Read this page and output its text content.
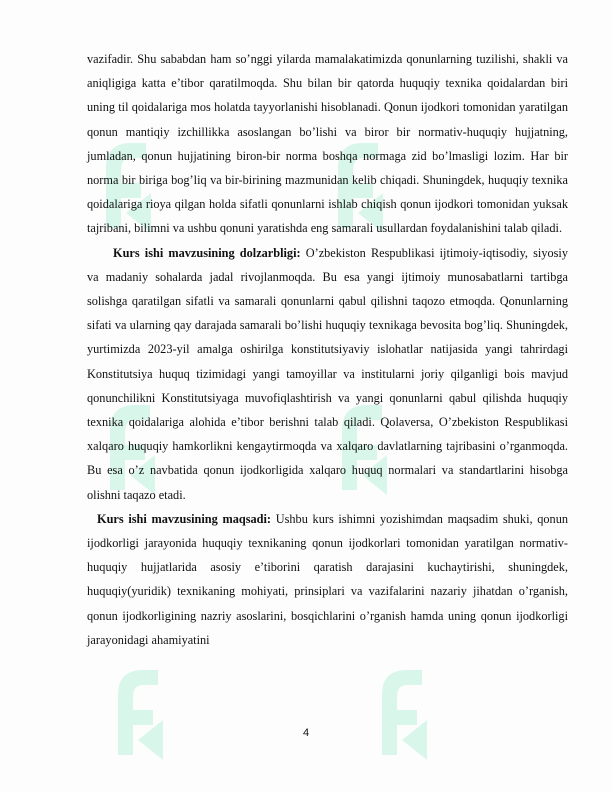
vazifadir. Shu sababdan ham so’nggi yilarda mamalakatimizda qonunlarning tuzilishi, shakli va aniqligiga katta e’tibor qaratilmoqda. Shu bilan bir qatorda huquqiy texnika qoidalardan biri uning til qoidalariga mos holatda tayyorlanishi hisoblanadi. Qonun ijodkori tomonidan yaratilgan qonun mantiqiy izchillikka asoslangan bo’lishi va biror bir normativ-huquqiy hujjatning, jumladan, qonun hujjatining biron-bir norma boshqa normaga zid bo’lmasligi lozim. Har bir norma bir biriga bog’liq va bir-birining mazmunidan kelib chiqadi. Shuningdek, huquqiy texnika qoidalariga rioya qilgan holda sifatli qonunlarni ishlab chiqish qonun ijodkori tomonidan yuksak tajribani, bilimni va ushbu qonuni yaratishda eng samarali usullardan foydalanishini talab qiladi.

Kurs ishi mavzusining dolzarbligi: O’zbekiston Respublikasi ijtimoiy-iqtisodiy, siyosiy va madaniy sohalarda jadal rivojlanmoqda. Bu esa yangi ijtimoiy munosabatlarni tartibga solishga qaratilgan sifatli va samarali qonunlarni qabul qilishni taqozo etmoqda. Qonunlarning sifati va ularning qay darajada samarali bo’lishi huquqiy texnikaga bevosita bog’liq. Shuningdek, yurtimizda 2023-yil amalga oshirilga konstitutsiyaviy islohatlar natijasida yangi tahrirdagi Konstitutsiya huquq tizimidagi yangi tamoyillar va institularni joriy qilganligi bois mavjud qonunchilikni Konstitutsiyaga muvofiqlashtirish va yangi qonunlarni qabul qilishda huquqiy texnika qoidalariga alohida e’tibor berishni talab qiladi. Qolaversa, O’zbekiston Respublikasi xalqaro huquqiy hamkorlikni kengaytirmoqda va xalqaro davlatlarning tajribasini o’rganmoqda. Bu esa o’z navbatida qonun ijodkorligida xalqaro huquq normalari va standartlarini hisobga olishni taqazo etadi.

Kurs ishi mavzusining maqsadi: Ushbu kurs ishimni yozishimdan maqsadim shuki, qonun ijodkorligi jarayonida huquqiy texnikaning qonun ijodkorlari tomonidan yaratilgan normativ-huquqiy hujjatlarida asosiy e’tiborini qaratish darajasini kuchaytirishi, shuningdek, huquqiy(yuridik) texnikaning mohiyati, prinsiplari va vazifalarini nazariy jihatdan o’rganish, qonun ijodkorligining nazriy asoslarini, bosqichlarini o’rganish hamda uning qonun ijodkorligi jarayonidagi ahamiyatini

4
